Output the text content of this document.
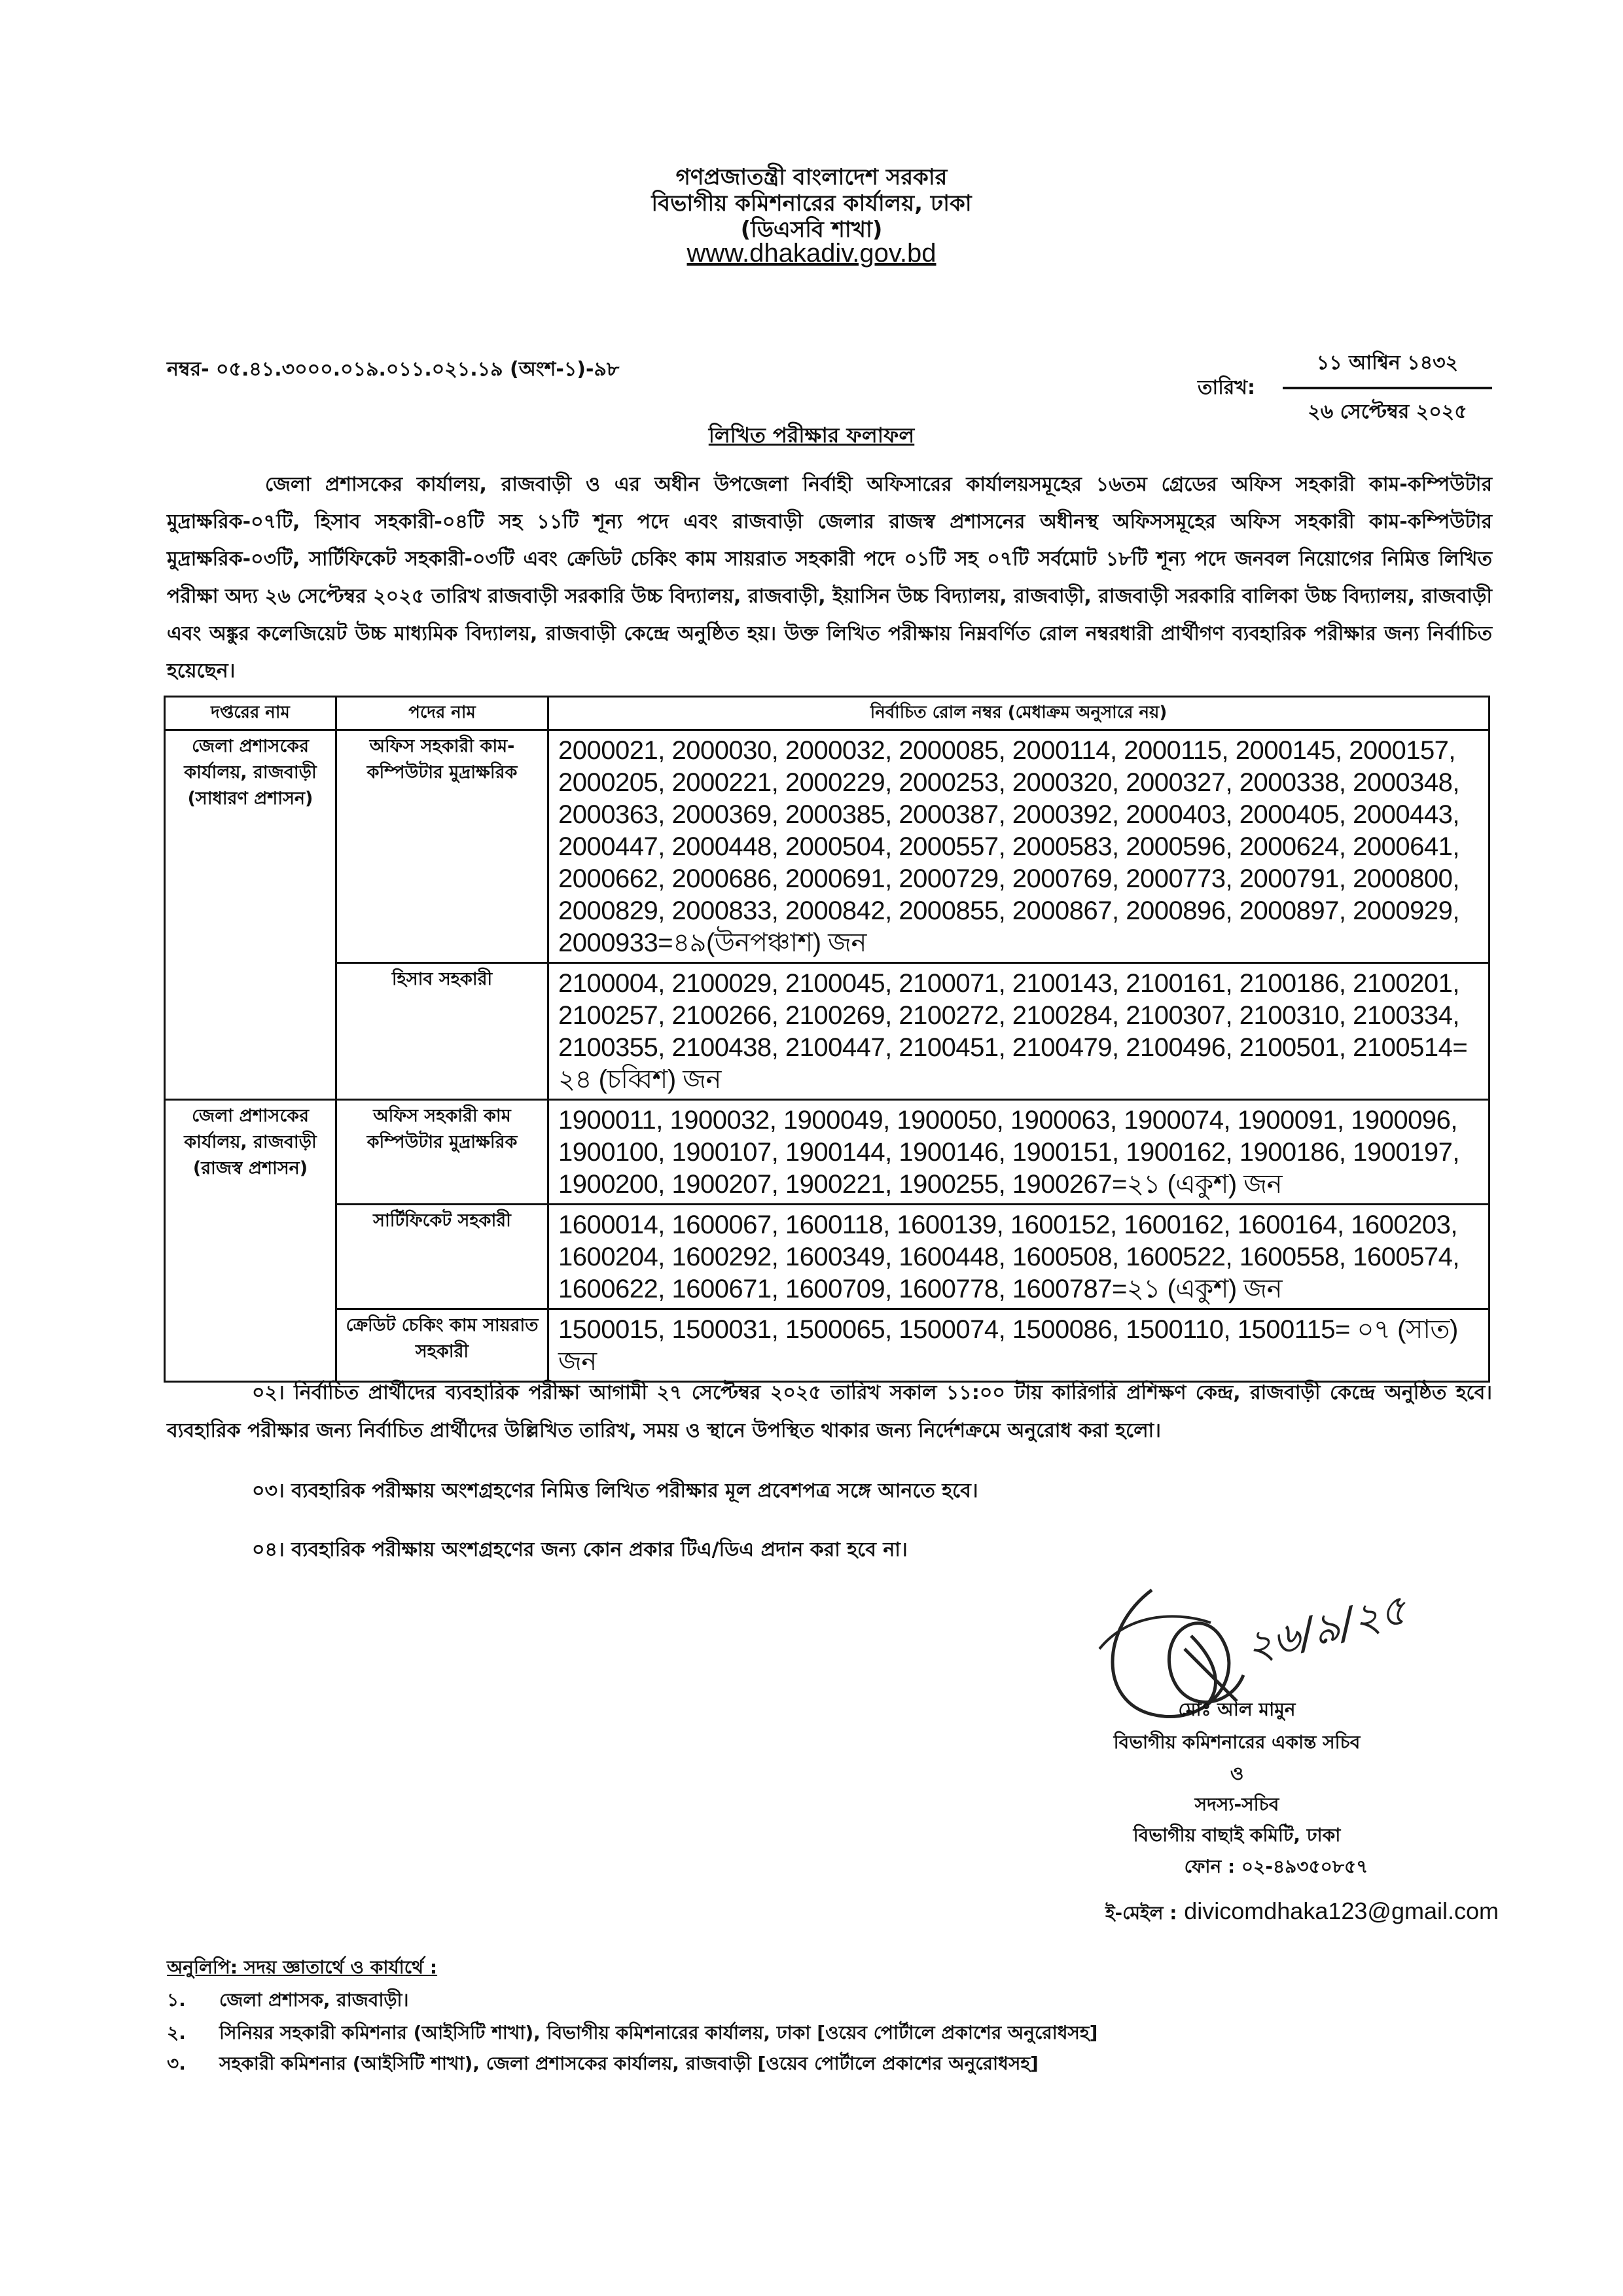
গণপ্রজাতন্ত্রী বাংলাদেশ সরকার
বিভাগীয় কমিশনারের কার্যালয়, ঢাকা
(ডিএসবি শাখা)
www.dhakadiv.gov.bd
নম্বর- ০৫.৪১.৩০০০.০১৯.০১১.০২১.১৯ (অংশ-১)-৯৮
তারিখ:
১১ আশ্বিন ১৪৩২
২৬ সেপ্টেম্বর ২০২৫
লিখিত পরীক্ষার ফলাফল
জেলা প্রশাসকের কার্যালয়, রাজবাড়ী ও এর অধীন উপজেলা নির্বাহী অফিসারের কার্যালয়সমূহের ১৬তম গ্রেডের অফিস সহকারী কাম-কম্পিউটার মুদ্রাক্ষরিক-০৭টি, হিসাব সহকারী-০৪টি সহ ১১টি শূন্য পদে এবং রাজবাড়ী জেলার রাজস্ব প্রশাসনের অধীনস্থ অফিসসমূহের অফিস সহকারী কাম-কম্পিউটার মুদ্রাক্ষরিক-০৩টি, সার্টিফিকেট সহকারী-০৩টি এবং ক্রেডিট চেকিং কাম সায়রাত সহকারী পদে ০১টি সহ ০৭টি সর্বমোট ১৮টি শূন্য পদে জনবল নিয়োগের নিমিত্ত লিখিত পরীক্ষা অদ্য ২৬ সেপ্টেম্বর ২০২৫ তারিখ রাজবাড়ী সরকারি উচ্চ বিদ্যালয়, রাজবাড়ী, ইয়াসিন উচ্চ বিদ্যালয়, রাজবাড়ী, রাজবাড়ী সরকারি বালিকা উচ্চ বিদ্যালয়, রাজবাড়ী এবং অঙ্কুর কলেজিয়েট উচ্চ মাধ্যমিক বিদ্যালয়, রাজবাড়ী কেন্দ্রে অনুষ্ঠিত হয়। উক্ত লিখিত পরীক্ষায় নিম্নবর্ণিত রোল নম্বরধারী প্রার্থীগণ ব্যবহারিক পরীক্ষার জন্য নির্বাচিত হয়েছেন।
দপ্তরের নাম	পদের নাম	নির্বাচিত রোল নম্বর (মেধাক্রম অনুসারে নয়)
জেলা প্রশাসকের কার্যালয়, রাজবাড়ী (সাধারণ প্রশাসন)	অফিস সহকারী কাম-কম্পিউটার মুদ্রাক্ষরিক	2000021, 2000030, 2000032, 2000085, 2000114, 2000115, 2000145, 2000157, 2000205, 2000221, 2000229, 2000253, 2000320, 2000327, 2000338, 2000348, 2000363, 2000369, 2000385, 2000387, 2000392, 2000403, 2000405, 2000443, 2000447, 2000448, 2000504, 2000557, 2000583, 2000596, 2000624, 2000641, 2000662, 2000686, 2000691, 2000729, 2000769, 2000773, 2000791, 2000800, 2000829, 2000833, 2000842, 2000855, 2000867, 2000896, 2000897, 2000929, 2000933=৪৯(উনপঞ্চাশ) জন
	হিসাব সহকারী	2100004, 2100029, 2100045, 2100071, 2100143, 2100161, 2100186, 2100201, 2100257, 2100266, 2100269, 2100272, 2100284, 2100307, 2100310, 2100334, 2100355, 2100438, 2100447, 2100451, 2100479, 2100496, 2100501, 2100514= ২৪ (চব্বিশ) জন
জেলা প্রশাসকের কার্যালয়, রাজবাড়ী (রাজস্ব প্রশাসন)	অফিস সহকারী কাম কম্পিউটার মুদ্রাক্ষরিক	1900011, 1900032, 1900049, 1900050, 1900063, 1900074, 1900091, 1900096, 1900100, 1900107, 1900144, 1900146, 1900151, 1900162, 1900186, 1900197, 1900200, 1900207, 1900221, 1900255, 1900267=২১ (একুশ) জন
	সার্টিফিকেট সহকারী	1600014, 1600067, 1600118, 1600139, 1600152, 1600162, 1600164, 1600203, 1600204, 1600292, 1600349, 1600448, 1600508, 1600522, 1600558, 1600574, 1600622, 1600671, 1600709, 1600778, 1600787=২১ (একুশ) জন
	ক্রেডিট চেকিং কাম সায়রাত সহকারী	1500015, 1500031, 1500065, 1500074, 1500086, 1500110, 1500115= ০৭ (সাত) জন
০২। নির্বাচিত প্রার্থীদের ব্যবহারিক পরীক্ষা আগামী ২৭ সেপ্টেম্বর ২০২৫ তারিখ সকাল ১১:০০ টায় কারিগরি প্রশিক্ষণ কেন্দ্র, রাজবাড়ী কেন্দ্রে অনুষ্ঠিত হবে। ব্যবহারিক পরীক্ষার জন্য নির্বাচিত প্রার্থীদের উল্লিখিত তারিখ, সময় ও স্থানে উপস্থিত থাকার জন্য নির্দেশক্রমে অনুরোধ করা হলো।
০৩। ব্যবহারিক পরীক্ষায় অংশগ্রহণের নিমিত্ত লিখিত পরীক্ষার মূল প্রবেশপত্র সঙ্গে আনতে হবে।
০৪। ব্যবহারিক পরীক্ষায় অংশগ্রহণের জন্য কোন প্রকার টিএ/ডিএ প্রদান করা হবে না।
২৬/৯/২৫
মোঃ আল মামুন
বিভাগীয় কমিশনারের একান্ত সচিব
ও
সদস্য-সচিব
বিভাগীয় বাছাই কমিটি, ঢাকা
ফোন : ০২-৪৯৩৫০৮৫৭
ই-মেইল : divicomdhaka123@gmail.com
অনুলিপি: সদয় জ্ঞাতার্থে ও কার্যার্থে :
১. জেলা প্রশাসক, রাজবাড়ী।
২. সিনিয়র সহকারী কমিশনার (আইসিটি শাখা), বিভাগীয় কমিশনারের কার্যালয়, ঢাকা [ওয়েব পোর্টালে প্রকাশের অনুরোধসহ]
৩. সহকারী কমিশনার (আইসিটি শাখা), জেলা প্রশাসকের কার্যালয়, রাজবাড়ী [ওয়েব পোর্টালে প্রকাশের অনুরোধসহ]
